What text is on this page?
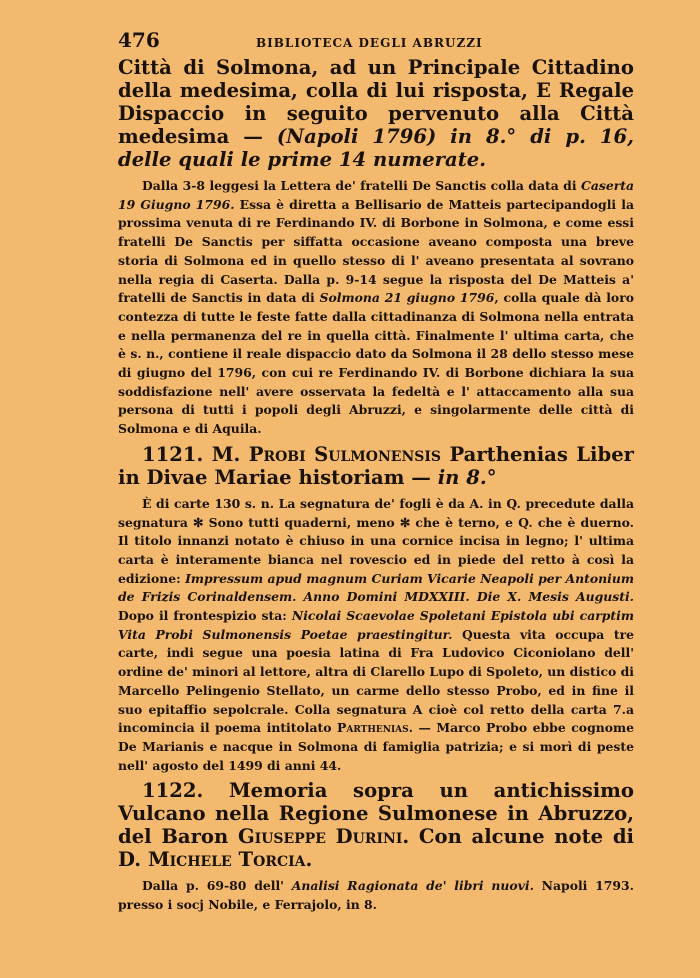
476	BIBLIOTECA DEGLI ABRUZZI

Città di Solmona, ad un Principale Cittadino della medesima, colla di lui risposta, E Regale Dispaccio in seguito pervenuto alla Città medesima — (Napoli 1796) in 8.° di p. 16, delle quali le prime 14 numerate.

Dalla 3-8 leggesi la Lettera de' fratelli De Sanctis colla data di Caserta 19 Giugno 1796. Essa è diretta a Bellisario de Matteis partecipandogli la prossima venuta di re Ferdinando IV. di Borbone in Solmona, e come essi fratelli De Sanctis per siffatta occasione aveano composta una breve storia di Solmona ed in quello stesso di l' aveano presentata al sovrano nella regia di Caserta. Dalla p. 9-14 segue la risposta del De Matteis a' fratelli de Sanctis in data di Solmona 21 giugno 1796, colla quale dà loro contezza di tutte le feste fatte dalla cittadinanza di Solmona nella entrata e nella permanenza del re in quella città. Finalmente l' ultima carta, che è s. n., contiene il reale dispaccio dato da Solmona il 28 dello stesso mese di giugno del 1796, con cui re Ferdinando IV. di Borbone dichiara la sua soddisfazione nell' avere osservata la fedeltà e l' attaccamento alla sua persona di tutti i popoli degli Abruzzi, e singolarmente delle città di Solmona e di Aquila.

1121. M. Probi Sulmonensis Parthenias Liber in Divae Mariae historiam — in 8.°

È di carte 130 s. n. La segnatura de' fogli è da A. in Q. precedute dalla segnatura ✻ Sono tutti quaderni, meno ✻ che è terno, e Q. che è duerno. Il titolo innanzi notato è chiuso in una cornice incisa in legno; l' ultima carta è interamente bianca nel rovescio ed in piede del retto à così la edizione: Impressum apud magnum Curiam Vicarie Neapoli per Antonium de Frizis Corinaldensem. Anno Domini MDXXIII. Die X. Mesis Augusti. Dopo il frontespizio sta: Nicolai Scaevolae Spoletani Epistola ubi carptim Vita Probi Sulmonensis Poetae praestingitur. Questa vita occupa tre carte, indi segue una poesia latina di Fra Ludovico Ciconiolano dell' ordine de' minori al lettore, altra di Clarello Lupo di Spoleto, un distico di Marcello Pelingenio Stellato, un carme dello stesso Probo, ed in fine il suo epitaffio sepolcrale. Colla segnatura A cioè col retto della carta 7.a incomincia il poema intitolato Parthenias. — Marco Probo ebbe cognome De Marianis e nacque in Solmona di famiglia patrizia; e si morì di peste nell' agosto del 1499 di anni 44.

1122. Memoria sopra un antichissimo Vulcano nella Regione Sulmonese in Abruzzo, del Baron Giuseppe Durini. Con alcune note di D. Michele Torcia.

Dalla p. 69-80 dell' Analisi Ragionata de' libri nuovi. Napoli 1793. presso i socj Nobile, e Ferrajolo, in 8.
